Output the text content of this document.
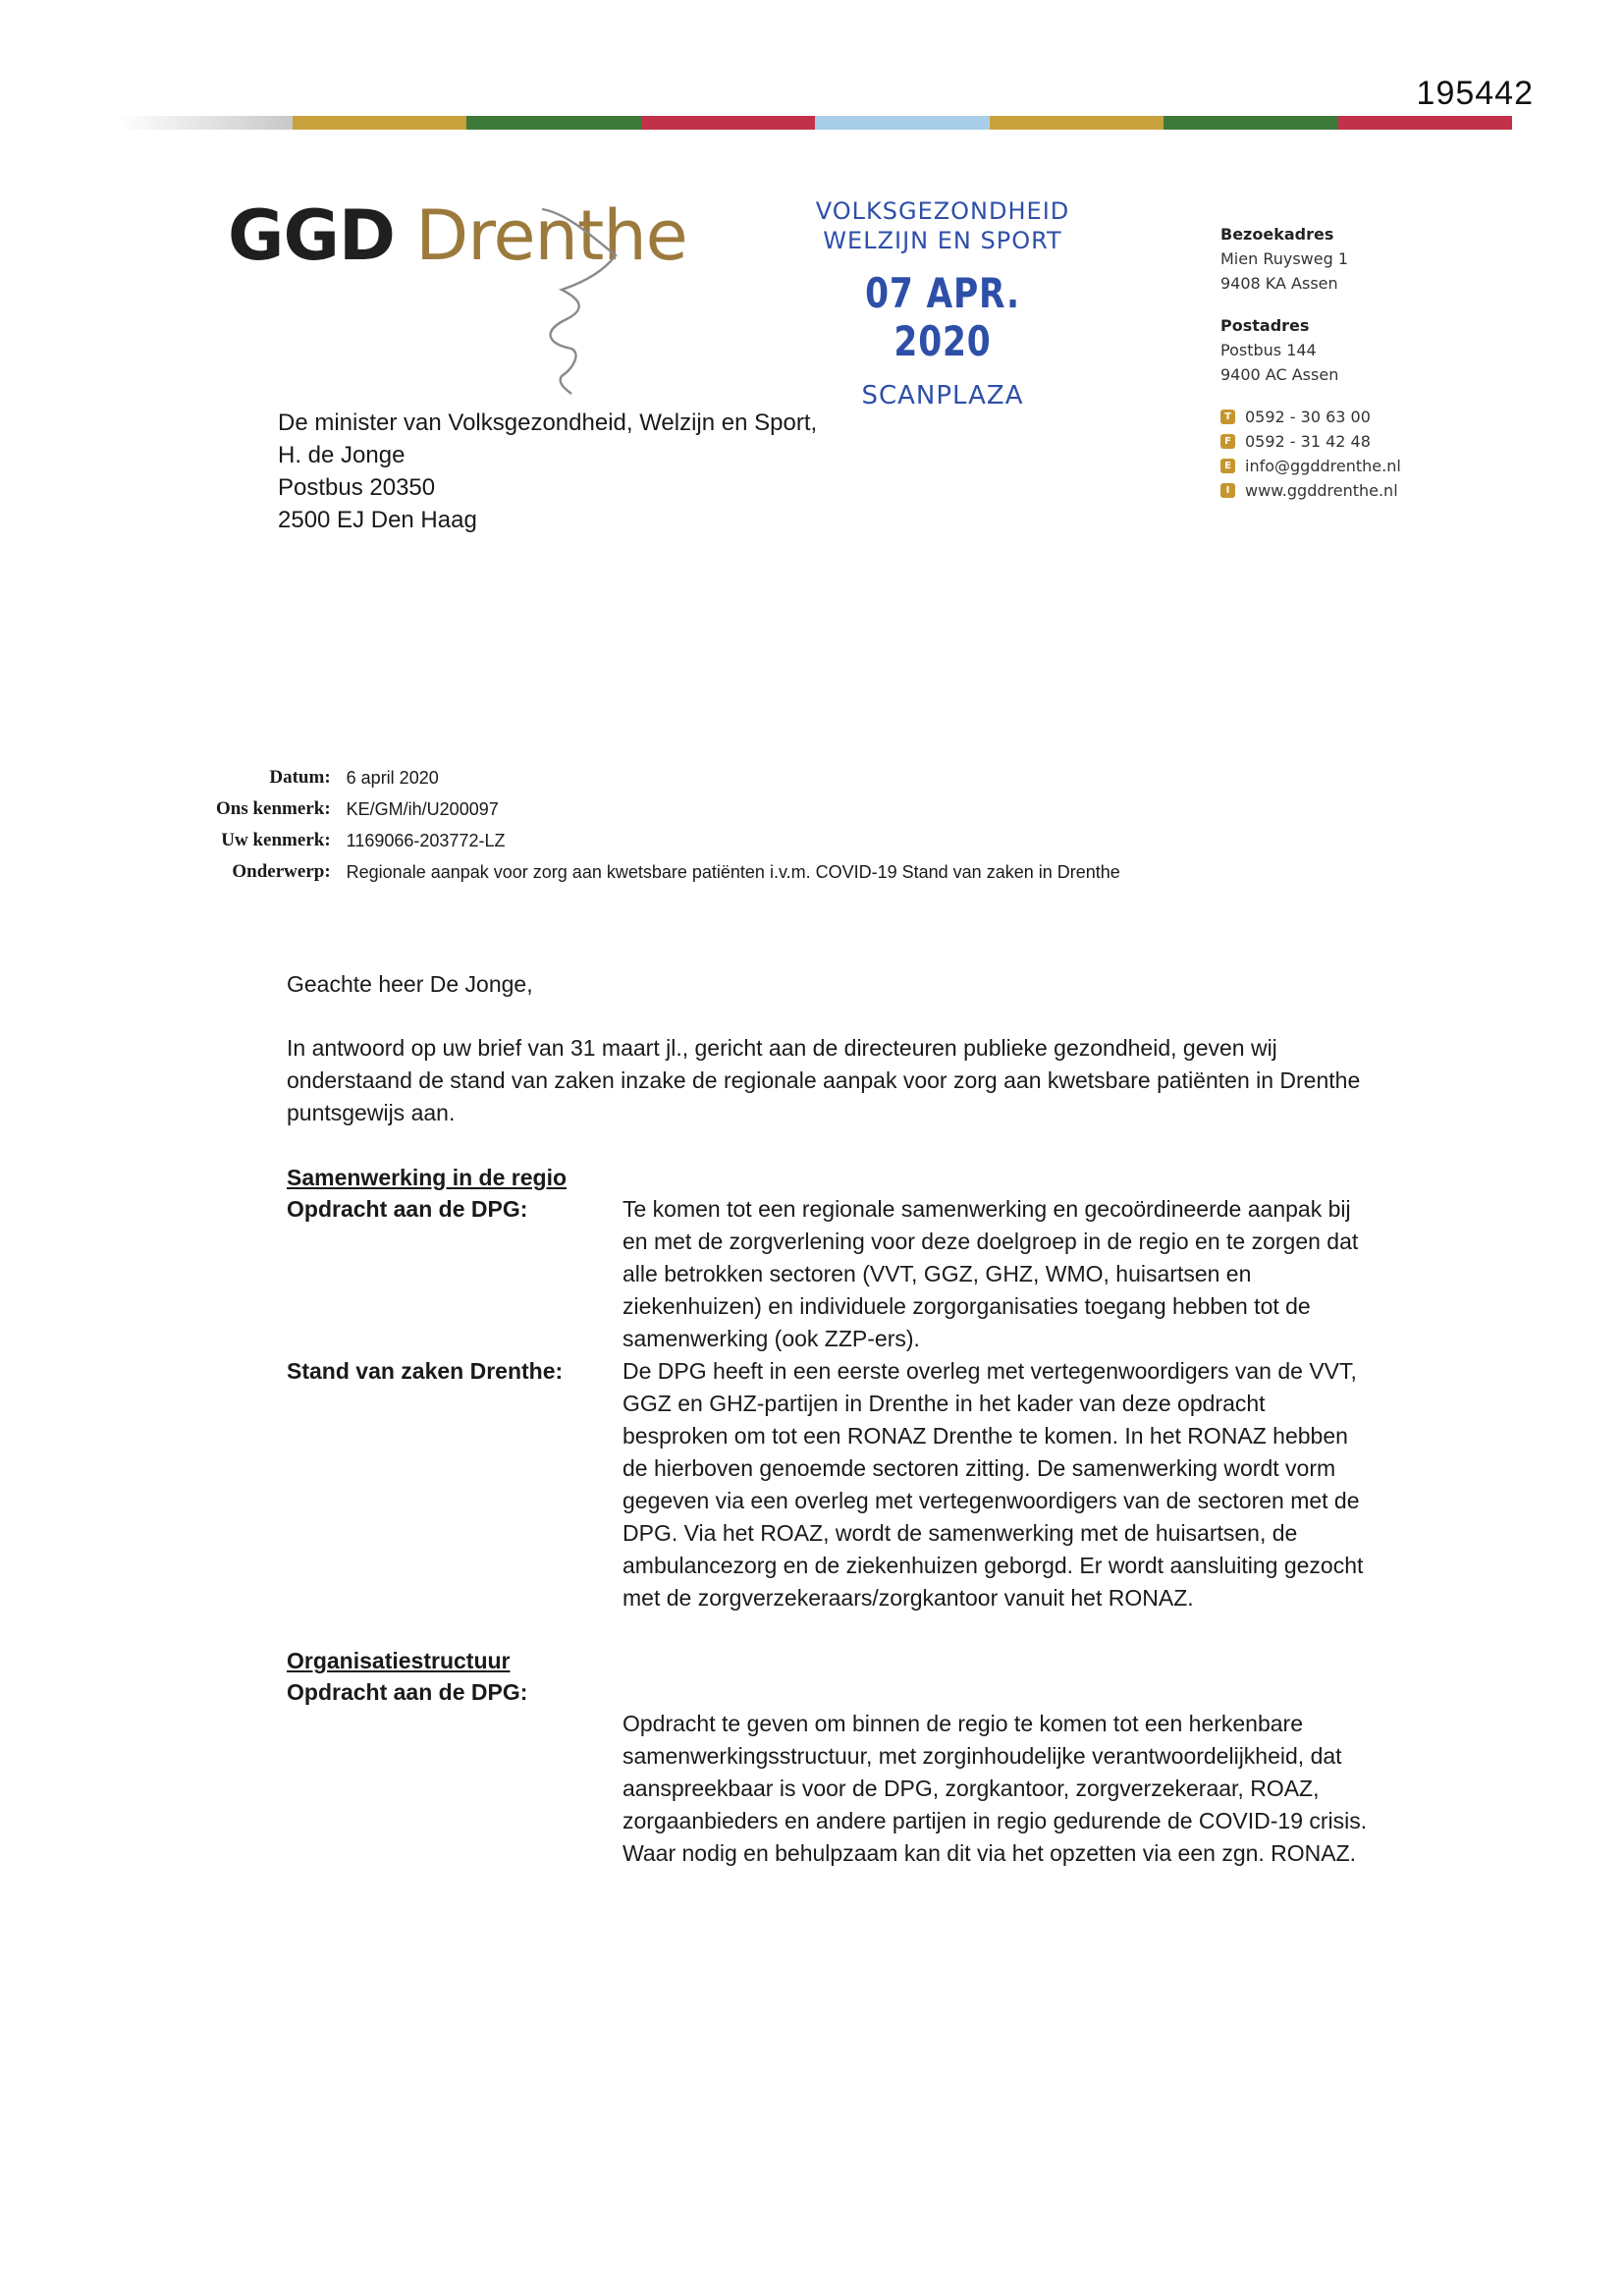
195442
GGD Drenthe	VOLKSGEZONDHEID
WELZIJN EN SPORT
07 APR. 2020
SCANPLAZA
Bezoekadres
Mien Ruysweg 1
9408 KA Assen
Postadres
Postbus 144
9400 AC Assen
T 0592 - 30 63 00
F 0592 - 31 42 48
E info@ggddrenthe.nl
I www.ggddrenthe.nl
De minister van Volksgezondheid, Welzijn en Sport,
H. de Jonge
Postbus 20350
2500 EJ Den Haag
Datum:	6 april 2020
Ons kenmerk:	KE/GM/ih/U200097
Uw kenmerk:	1169066-203772-LZ
Onderwerp:	Regionale aanpak voor zorg aan kwetsbare patiënten i.v.m. COVID-19 Stand van zaken in Drenthe

Geachte heer De Jonge,

In antwoord op uw brief van 31 maart jl., gericht aan de directeuren publieke gezondheid, geven wij onderstaand de stand van zaken inzake de regionale aanpak voor zorg aan kwetsbare patiënten in Drenthe puntsgewijs aan.

Samenwerking in de regio
Opdracht aan de DPG:	Te komen tot een regionale samenwerking en gecoördineerde aanpak bij en met de zorgverlening voor deze doelgroep in de regio en te zorgen dat alle betrokken sectoren (VVT, GGZ, GHZ, WMO, huisartsen en ziekenhuizen) en individuele zorgorganisaties toegang hebben tot de samenwerking (ook ZZP-ers).
Stand van zaken Drenthe:	De DPG heeft in een eerste overleg met vertegenwoordigers van de VVT, GGZ en GHZ-partijen in Drenthe in het kader van deze opdracht besproken om tot een RONAZ Drenthe te komen. In het RONAZ hebben de hierboven genoemde sectoren zitting. De samenwerking wordt vorm gegeven via een overleg met vertegenwoordigers van de sectoren met de DPG. Via het ROAZ, wordt de samenwerking met de huisartsen, de ambulancezorg en de ziekenhuizen geborgd. Er wordt aansluiting gezocht met de zorgverzekeraars/zorgkantoor vanuit het RONAZ.
Organisatiestructuur
Opdracht aan de DPG:
Opdracht te geven om binnen de regio te komen tot een herkenbare samenwerkingsstructuur, met zorginhoudelijke verantwoordelijkheid, dat aanspreekbaar is voor de DPG, zorgkantoor, zorgverzekeraar, ROAZ, zorgaanbieders en andere partijen in regio gedurende de COVID-19 crisis. Waar nodig en behulpzaam kan dit via het opzetten via een zgn. RONAZ.
